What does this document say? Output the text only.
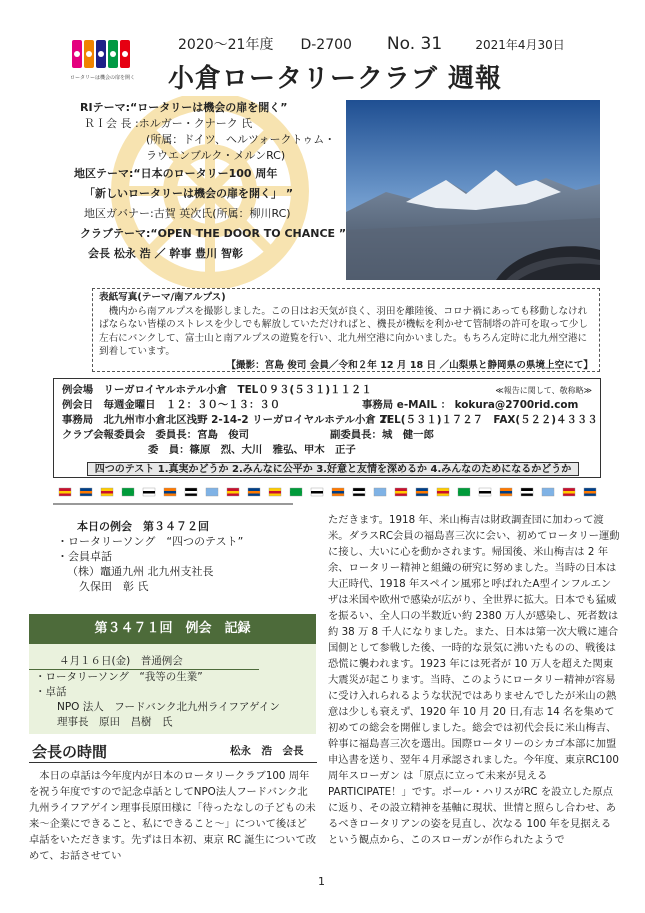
ロータリーは機会の扉を開く
2020～21年度 D-2700 No. 31	2021年4月30日
小倉ロータリークラブ 週報
RIテーマ:“ロータリーは機会の扉を開く”
ＲＩ会 長 :ホルガー・クナーク 氏
(所属：ドイツ、ヘルツォークトゥム・
ラウエンブルク・メルンRC)
地区テーマ:“日本のロータリー100 周年
「新しいロータリーは機会の扉を開く」 ”
地区ガバナー:古賀 英次氏(所属：柳川RC)
クラブテーマ:“OPEN THE DOOR TO CHANCE ”
会長 松永 浩 ／ 幹事 豊川 智彰
表紙写真(テーマ/南アルプス)
機内から南アルプスを撮影しました。この日はお天気が良く、羽田を離陸後、コロナ禍にあっても移動しなければならない皆様のストレスを少しでも解放していただければと、機長が機転を利かせて管制塔の許可を取って少し左右にバンクして、富士山と南アルプスの遊覧を行い、北九州空港に向かいました。もちろん定時に北九州空港に到着しています。
【撮影：宮島 俊司 会員／令和２年 12 月 18 日 ／山梨県と静岡県の県境上空にて】
例会場　リーガロイヤルホテル小倉　TEL０９３(５３１)１１２１	≪報告に関して、敬称略≫
例会日　毎週金曜日　１２：３０～１３：３０	事務局 e-MAIL ： kokura@2700rid.com
事務局　北九州市小倉北区浅野 2-14-2 リーガロイヤルホテル小倉 2F
TEL(５３１)１７２７　FAX(５２２)４３３３
クラブ会報委員会　委員長：宮島　俊司	副委員長：城　健一郎
委　員：篠原　烈、大川　雅弘、甲木　正子
四つのテスト 1.真実かどうか 2.みんなに公平か 3.好意と友情を深めるか 4.みんなのためになるかどうか
本日の例会　第３４７２回
・ロータリーソング　“四つのテスト”
・会員卓話
（株）竈通九州 北九州支社長
久保田　彰 氏
第３４７１回　例会　記録
４月１６日(金)　普通例会
・ロータリーソング　“我等の生業”
・卓話
NPO 法人　フードバンク北九州ライフアゲイン
理事長　原田　昌樹　氏
会長の時間	松永　浩　会長
本日の卓話は今年度内が日本のロータリークラブ100 周年を祝う年度ですので記念卓話としてNPO法人フードバンク北九州ライフアゲイン理事長原田様に「待ったなしの子どもの未来～企業にできること、私にできること～」について後ほど卓話をいただきます。先ずは日本初、東京 RC 誕生について改めて、お話させてい
ただきます。1918 年、米山梅吉は財政調査団に加わって渡米。ダラスRC会員の福島喜三次に会い、初めてロータリー運動に接し、大いに心を動かされます。帰国後、米山梅吉は 2 年余、ロータリー精神と組織の研究に努めました。当時の日本は大正時代、1918 年スペイン風邪と呼ばれたA型インフルエンザは米国や欧州で感染が広がり、全世界に拡大。日本でも猛威を振るい、全人口の半数近い約 2380 万人が感染し、死者数は約 38 万 8 千人になりました。また、日本は第一次大戦に連合国側として参戦した後、一時的な景気に沸いたものの、戦後は恐慌に襲われます。1923 年には死者が 10 万人を超えた関東大震災が起こります。当時、このようにロータリー精神が容易に受け入れられるような状況ではありませんでしたが米山の熱意は少しも衰えず、1920 年 10 月 20 日,有志 14 名を集めて初めての総会を開催しました。総会では初代会長に米山梅吉、幹事に福島喜三次を選出。国際ロータリーのシカゴ本部に加盟申込書を送り、翌年４月承認されました。今年度、東京RC100周年スローガン は「原点に立って未来が見える PARTICIPATE！」です。ポール・ハリスがRC を設立した原点に返り、その設立精神を基軸に現状、世情と照らし合わせ、あるべきロータリアンの姿を見直し、次なる 100 年を見据えるという観点から、このスローガンが作られたようで
1
